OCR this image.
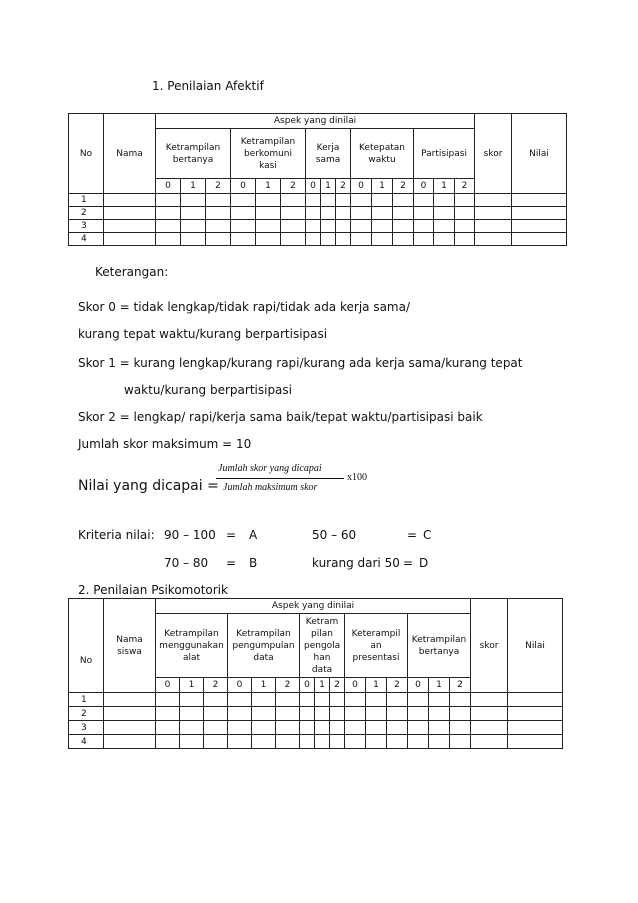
1. Penilaian Afektif
No	Nama	Aspek yang dinilai															skor	Nilai
		Ketrampilan bertanya			Ketrampilan berkomuni kasi			Kerja sama			Ketepatan waktu			Partisipasi				
		0	1	2	0	1	2	0	1	2	0	1	2	0	1	2		
1																		
2																		
3																		
4																		
Keterangan:
Skor 0 = tidak lengkap/tidak rapi/tidak ada kerja sama/
kurang tepat waktu/kurang berpartisipasi
Skor 1 = kurang lengkap/kurang rapi/kurang ada kerja sama/kurang tepat
waktu/kurang berpartisipasi
Skor 2 = lengkap/ rapi/kerja sama baik/tepat waktu/partisipasi baik
Jumlah skor maksimum = 10
Nilai yang dicapai =
Jumlah skor yang dicapai
Jumlah maksimum skor
x100
Kriteria nilai: 90 – 100 = A	50 – 60	= C
70 – 80 = B	kurang dari 50 = D
2. Penilaian Psikomotorik
No	Nama siswa	Aspek yang dinilai															skor	Nilai
		Ketrampilan menggunakan alat			Ketrampilan pengumpulan data			Ketram pilan pengola han data			Keterampil an presentasi			Ketrampilan bertanya				
		0	1	2	0	1	2	0	1	2	0	1	2	0	1	2		
1																		
2																		
3																		
4																		
